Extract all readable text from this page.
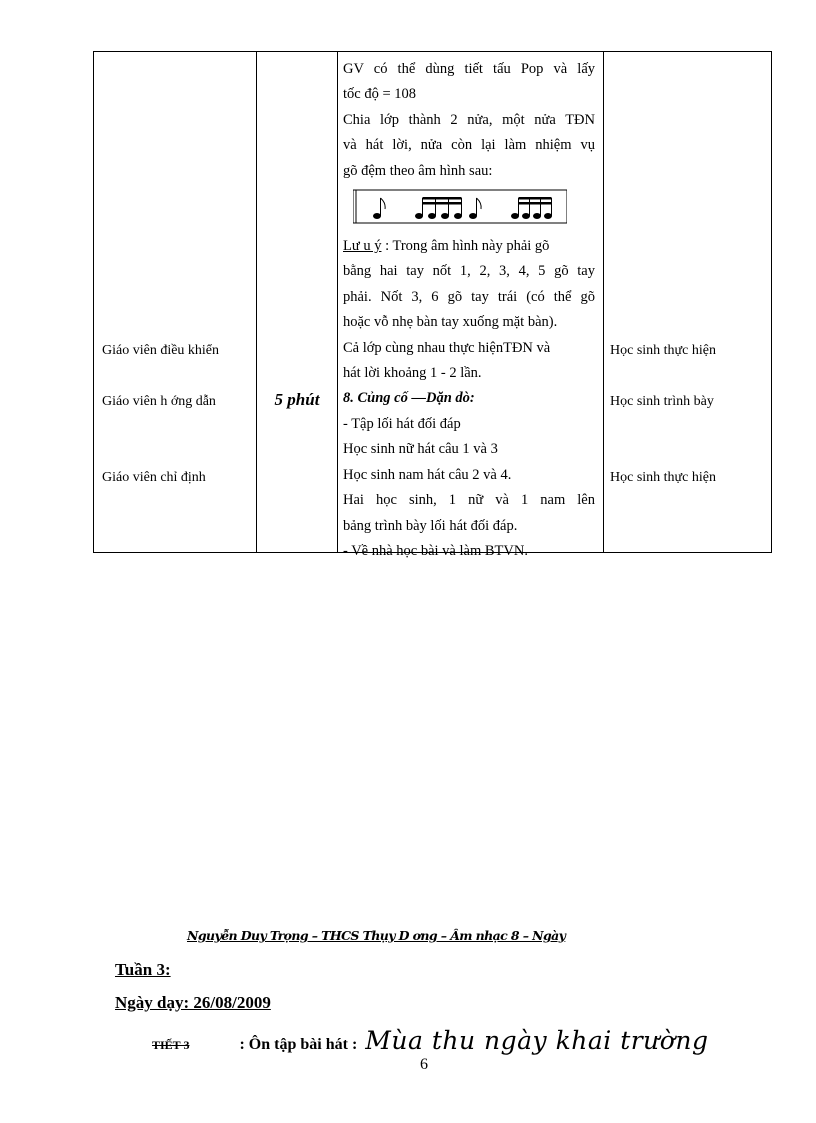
Giáo viên điều khiển
Giáo viên h ớng dẫn
Giáo viên chỉ định
5 phút
GV có thể dùng tiết tấu Pop và lấy
tốc độ = 108
Chia lớp thành 2 nửa, một nửa TĐN
và hát lời, nửa còn lại làm nhiệm vụ
gõ đệm theo âm hình sau:
Lư u ý : Trong âm hình này phải gõ
bằng hai tay nốt 1, 2, 3, 4, 5 gõ tay
phải. Nốt 3, 6 gõ tay trái (có thể gõ
hoặc vỗ nhẹ bàn tay xuống mặt bàn).
Cả lớp cùng nhau thực hiệnTĐN và
hát lời khoảng 1 - 2 lần.
8. Củng cố —Dặn dò:
- Tập lối hát đối đáp
Học sinh nữ hát câu 1 và 3
Học sinh nam hát câu 2 và 4.
Hai học sinh, 1 nữ và 1 nam lên
bảng trình bày lối hát đối đáp.
- Về nhà học bài và làm BTVN.
Học sinh thực hiện
Học sinh trình bày
Học sinh thực hiện
Nguyễn Duy Trọng – THCS Thụy D ơng – Âm nhạc 8 – Ngày
Tuần 3:
Ngày dạy: 26/08/2009
TIẾT 3	: Ôn tập bài hát : Mùa thu ngày khai trường
6
